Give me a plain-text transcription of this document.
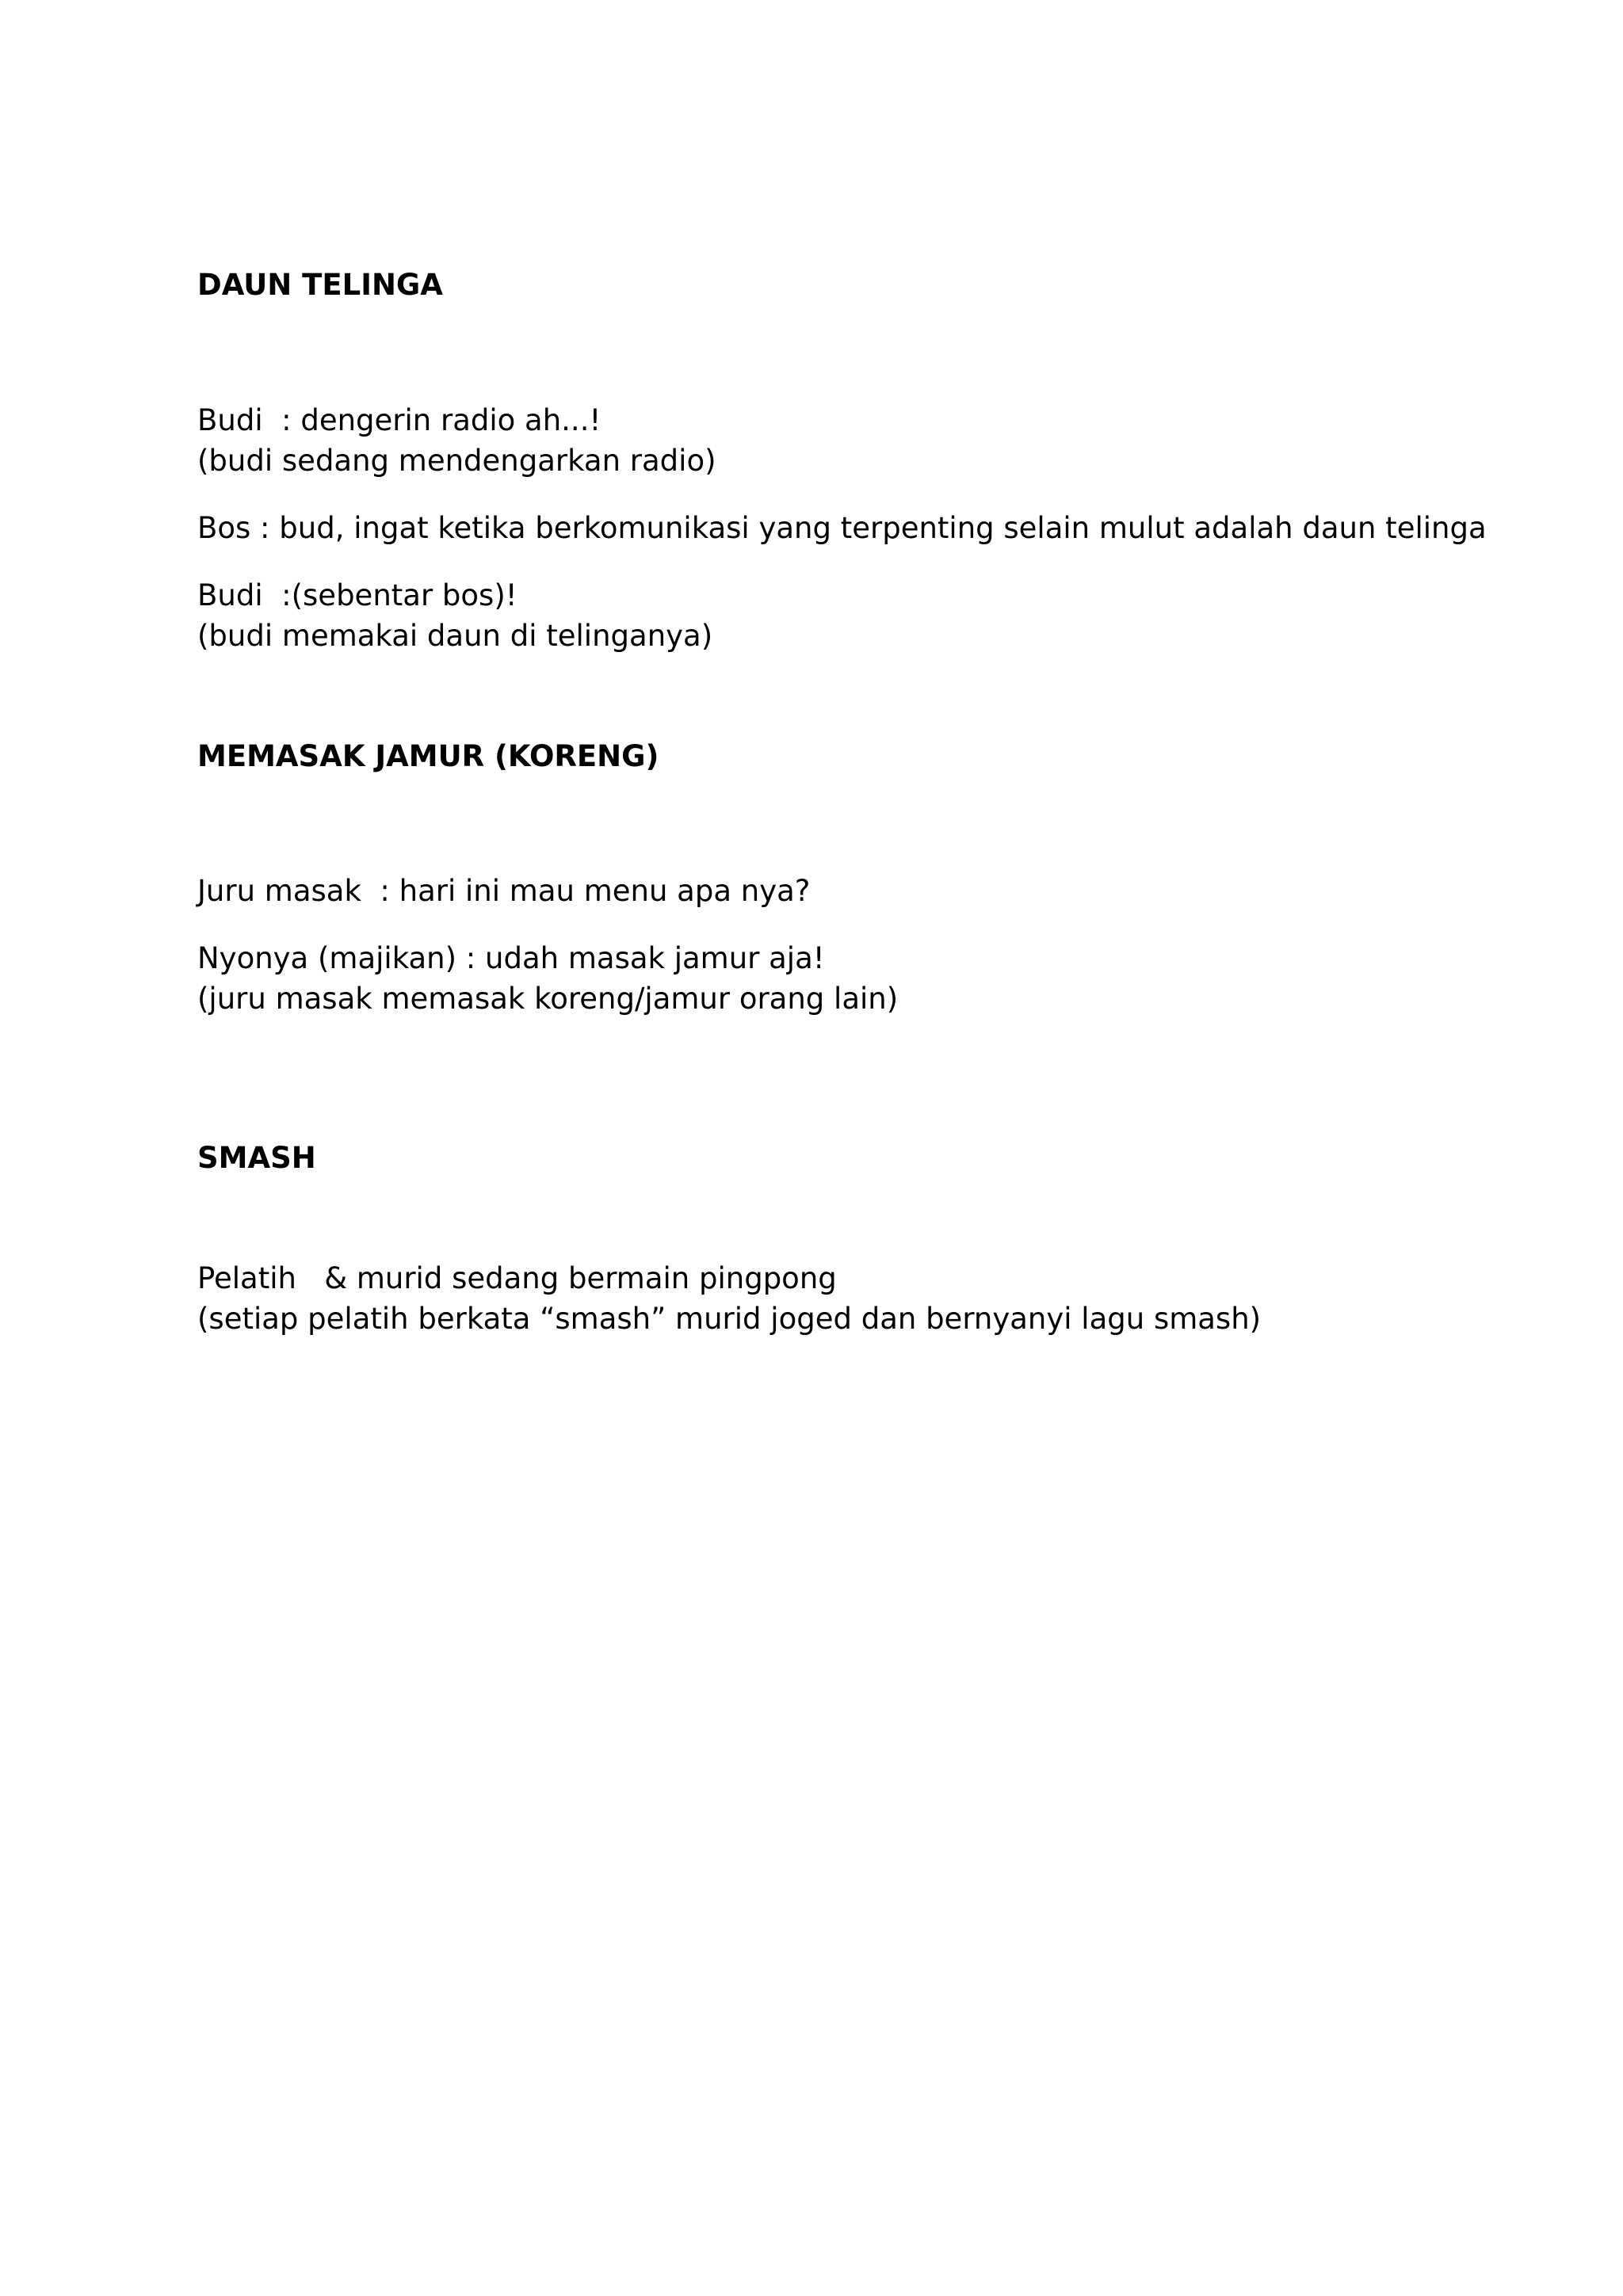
DAUN TELINGA
Budi  : dengerin radio ah...!
(budi sedang mendengarkan radio)
Bos : bud, ingat ketika berkomunikasi yang terpenting selain mulut adalah daun telinga
Budi  :(sebentar bos)!
(budi memakai daun di telinganya)
MEMASAK JAMUR (KORENG)
Juru masak  : hari ini mau menu apa nya?
Nyonya (majikan) : udah masak jamur aja!
(juru masak memasak koreng/jamur orang lain)
SMASH
Pelatih   & murid sedang bermain pingpong
(setiap pelatih berkata “smash” murid joged dan bernyanyi lagu smash)
